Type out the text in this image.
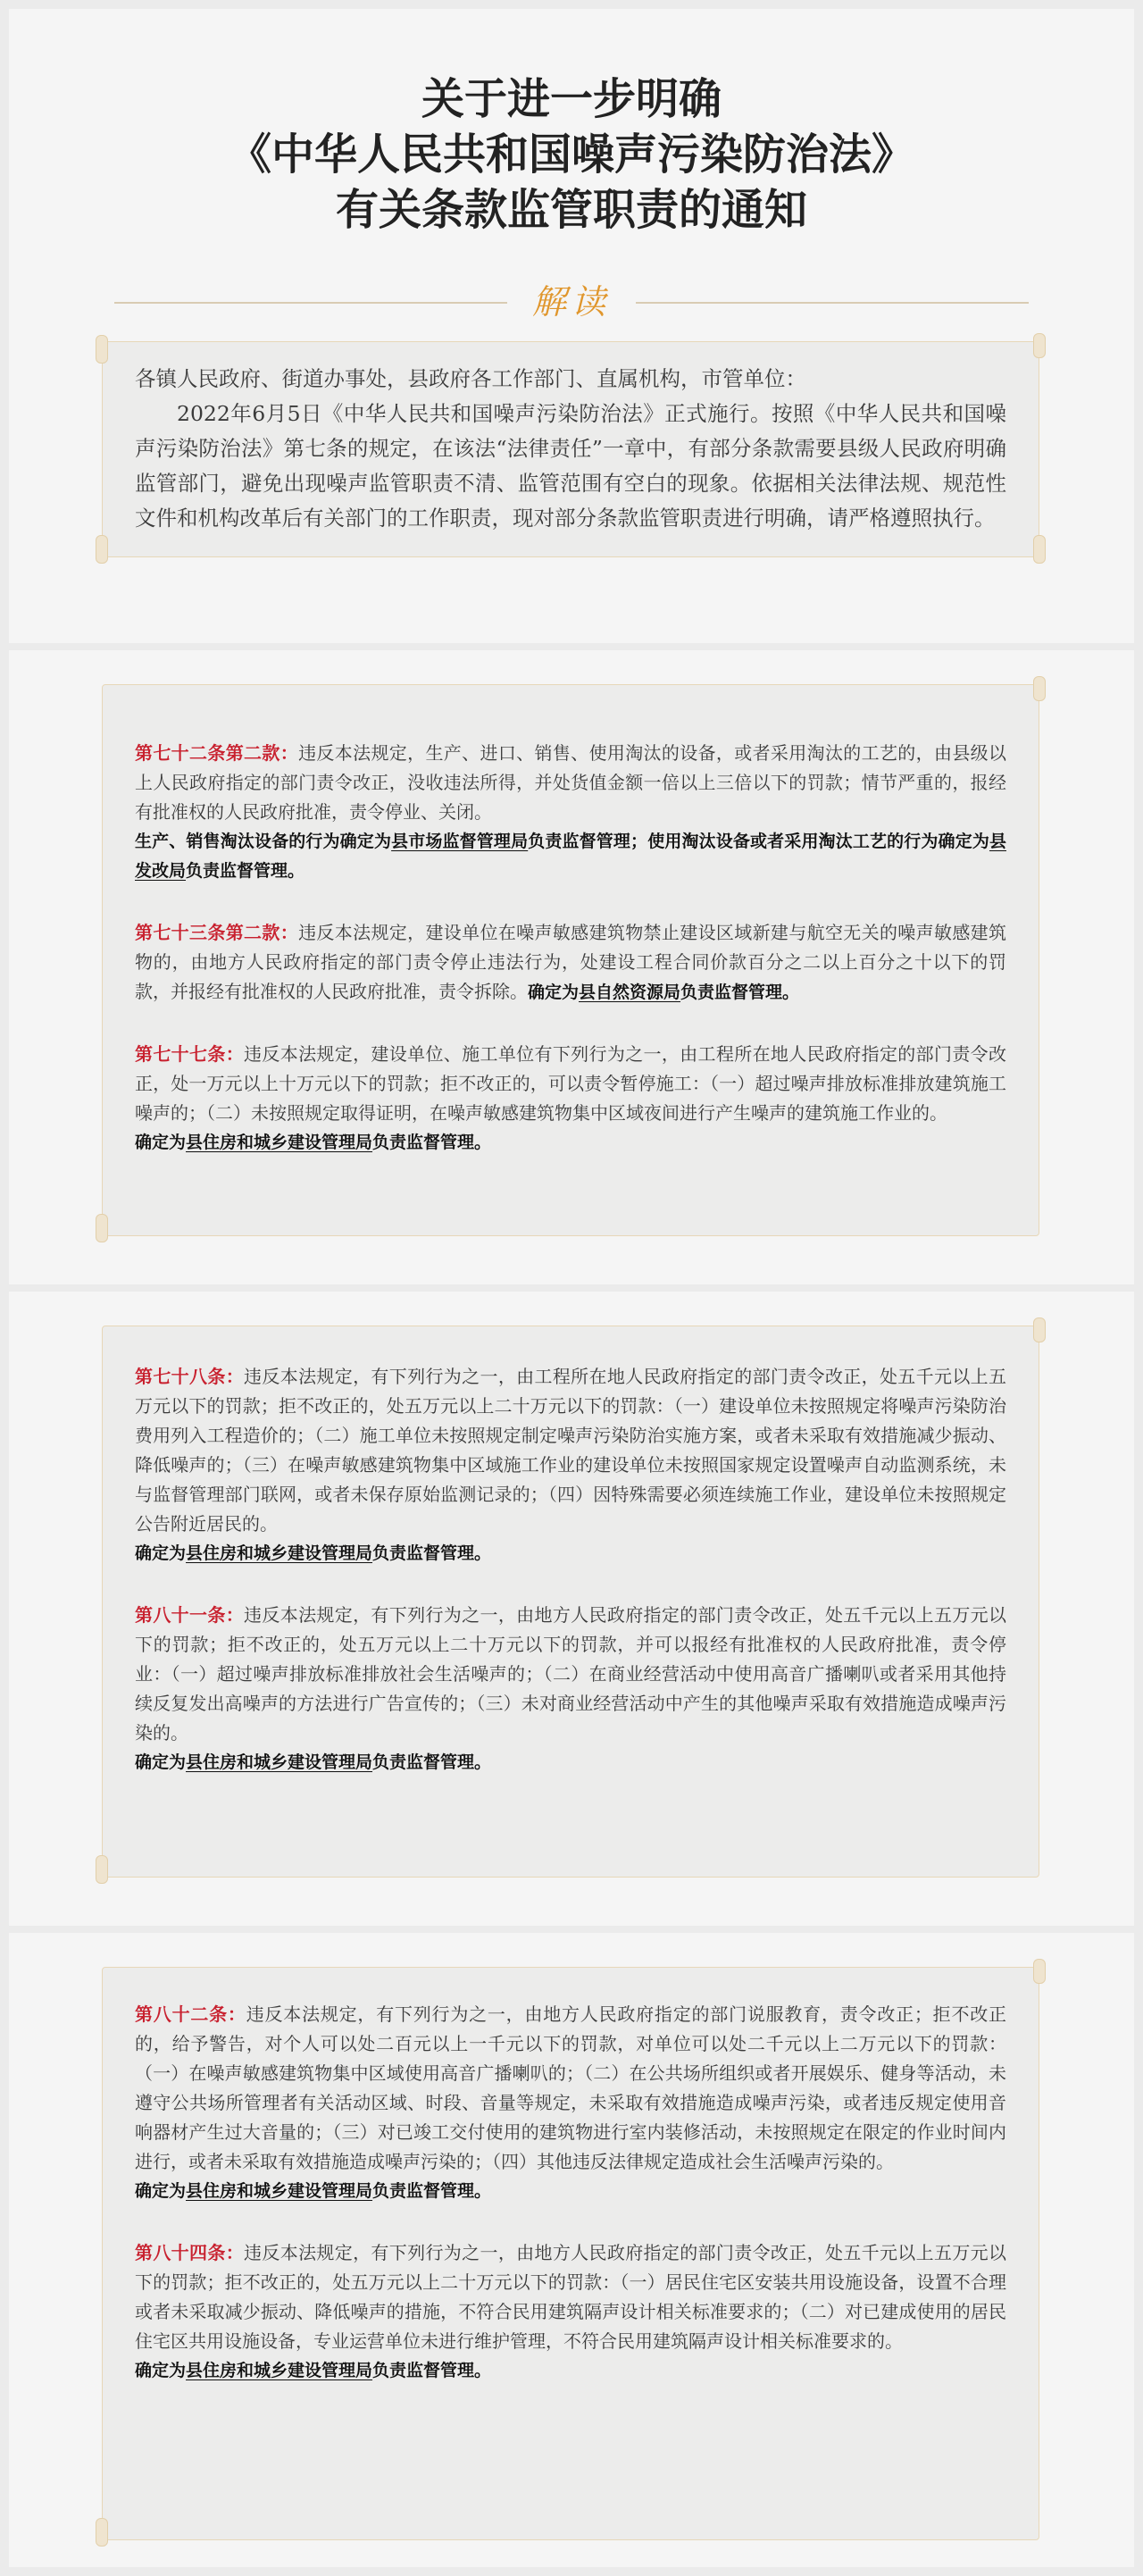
关于进一步明确
《中华人民共和国噪声污染防治法》
有关条款监管职责的通知
解读

各镇人民政府、街道办事处，县政府各工作部门、直属机构，市管单位：

2022年6月5日《中华人民共和国噪声污染防治法》正式施行。按照《中华人民共和国噪声污染防治法》第七条的规定，在该法“法律责任”一章中，有部分条款需要县级人民政府明确监管部门，避免出现噪声监管职责不清、监管范围有空白的现象。依据相关法律法规、规范性文件和机构改革后有关部门的工作职责，现对部分条款监管职责进行明确，请严格遵照执行。

第七十二条第二款：违反本法规定，生产、进口、销售、使用淘汰的设备，或者采用淘汰的工艺的，由县级以上人民政府指定的部门责令改正，没收违法所得，并处货值金额一倍以上三倍以下的罚款；情节严重的，报经有批准权的人民政府批准，责令停业、关闭。

生产、销售淘汰设备的行为确定为县市场监督管理局负责监督管理；使用淘汰设备或者采用淘汰工艺的行为确定为县发改局负责监督管理。

第七十三条第二款：违反本法规定，建设单位在噪声敏感建筑物禁止建设区域新建与航空无关的噪声敏感建筑物的，由地方人民政府指定的部门责令停止违法行为，处建设工程合同价款百分之二以上百分之十以下的罚款，并报经有批准权的人民政府批准，责令拆除。确定为县自然资源局负责监督管理。

第七十七条：违反本法规定，建设单位、施工单位有下列行为之一，由工程所在地人民政府指定的部门责令改正，处一万元以上十万元以下的罚款；拒不改正的，可以责令暂停施工：（一）超过噪声排放标准排放建筑施工噪声的；（二）未按照规定取得证明，在噪声敏感建筑物集中区域夜间进行产生噪声的建筑施工作业的。

确定为县住房和城乡建设管理局负责监督管理。

第七十八条：违反本法规定，有下列行为之一，由工程所在地人民政府指定的部门责令改正，处五千元以上五万元以下的罚款；拒不改正的，处五万元以上二十万元以下的罚款：（一）建设单位未按照规定将噪声污染防治费用列入工程造价的；（二）施工单位未按照规定制定噪声污染防治实施方案，或者未采取有效措施减少振动、降低噪声的；（三）在噪声敏感建筑物集中区域施工作业的建设单位未按照国家规定设置噪声自动监测系统，未与监督管理部门联网，或者未保存原始监测记录的；（四）因特殊需要必须连续施工作业，建设单位未按照规定公告附近居民的。

确定为县住房和城乡建设管理局负责监督管理。

第八十一条：违反本法规定，有下列行为之一，由地方人民政府指定的部门责令改正，处五千元以上五万元以下的罚款；拒不改正的，处五万元以上二十万元以下的罚款，并可以报经有批准权的人民政府批准，责令停业：（一）超过噪声排放标准排放社会生活噪声的；（二）在商业经营活动中使用高音广播喇叭或者采用其他持续反复发出高噪声的方法进行广告宣传的；（三）未对商业经营活动中产生的其他噪声采取有效措施造成噪声污染的。

确定为县住房和城乡建设管理局负责监督管理。

第八十二条：违反本法规定，有下列行为之一，由地方人民政府指定的部门说服教育，责令改正；拒不改正的，给予警告，对个人可以处二百元以上一千元以下的罚款，对单位可以处二千元以上二万元以下的罚款：（一）在噪声敏感建筑物集中区域使用高音广播喇叭的；（二）在公共场所组织或者开展娱乐、健身等活动，未遵守公共场所管理者有关活动区域、时段、音量等规定，未采取有效措施造成噪声污染，或者违反规定使用音响器材产生过大音量的；（三）对已竣工交付使用的建筑物进行室内装修活动，未按照规定在限定的作业时间内进行，或者未采取有效措施造成噪声污染的；（四）其他违反法律规定造成社会生活噪声污染的。

确定为县住房和城乡建设管理局负责监督管理。

第八十四条：违反本法规定，有下列行为之一，由地方人民政府指定的部门责令改正，处五千元以上五万元以下的罚款；拒不改正的，处五万元以上二十万元以下的罚款：（一）居民住宅区安装共用设施设备，设置不合理或者未采取减少振动、降低噪声的措施，不符合民用建筑隔声设计相关标准要求的；（二）对已建成使用的居民住宅区共用设施设备，专业运营单位未进行维护管理，不符合民用建筑隔声设计相关标准要求的。

确定为县住房和城乡建设管理局负责监督管理。
